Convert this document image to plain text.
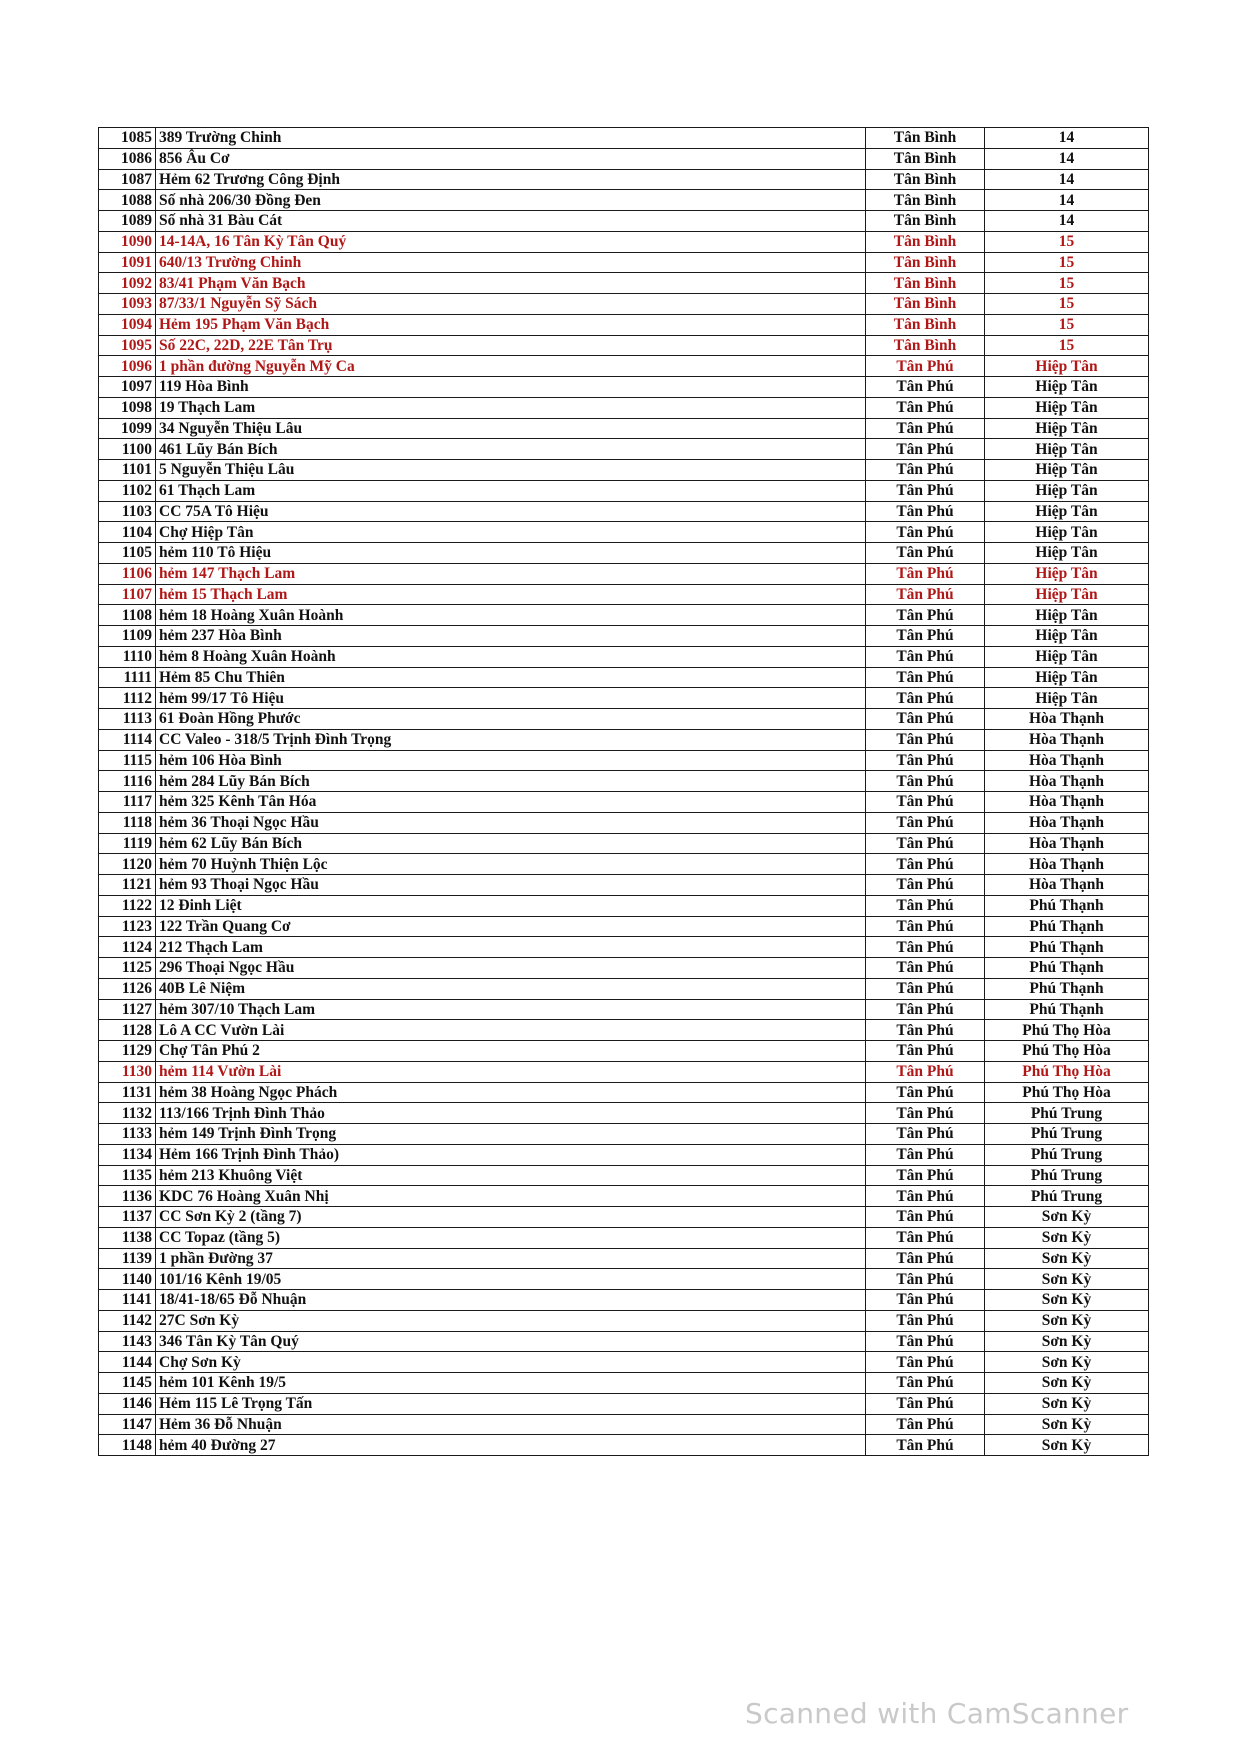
1085	389 Trường Chinh	Tân Bình	14
1086	856 Âu Cơ	Tân Bình	14
1087	Hẻm 62 Trương Công Định	Tân Bình	14
1088	Số nhà 206/30 Đồng Đen	Tân Bình	14
1089	Số nhà 31 Bàu Cát	Tân Bình	14
1090	14-14A, 16 Tân Kỳ Tân Quý	Tân Bình	15
1091	640/13 Trường Chinh	Tân Bình	15
1092	83/41 Phạm Văn Bạch	Tân Bình	15
1093	87/33/1 Nguyễn Sỹ Sách	Tân Bình	15
1094	Hẻm 195 Phạm Văn Bạch	Tân Bình	15
1095	Số 22C, 22D, 22E Tân Trụ	Tân Bình	15
1096	1 phần đường Nguyễn Mỹ Ca	Tân Phú	Hiệp Tân
1097	119 Hòa Bình	Tân Phú	Hiệp Tân
1098	19 Thạch Lam	Tân Phú	Hiệp Tân
1099	34 Nguyễn Thiệu Lâu	Tân Phú	Hiệp Tân
1100	461 Lũy Bán Bích	Tân Phú	Hiệp Tân
1101	5 Nguyễn Thiệu Lâu	Tân Phú	Hiệp Tân
1102	61 Thạch Lam	Tân Phú	Hiệp Tân
1103	CC 75A Tô Hiệu	Tân Phú	Hiệp Tân
1104	Chợ Hiệp Tân	Tân Phú	Hiệp Tân
1105	hẻm 110 Tô Hiệu	Tân Phú	Hiệp Tân
1106	hẻm 147 Thạch Lam	Tân Phú	Hiệp Tân
1107	hẻm 15 Thạch Lam	Tân Phú	Hiệp Tân
1108	hẻm 18 Hoàng Xuân Hoành	Tân Phú	Hiệp Tân
1109	hẻm 237 Hòa Bình	Tân Phú	Hiệp Tân
1110	hẻm 8 Hoàng Xuân Hoành	Tân Phú	Hiệp Tân
1111	Hẻm 85 Chu Thiên	Tân Phú	Hiệp Tân
1112	hẻm 99/17 Tô Hiệu	Tân Phú	Hiệp Tân
1113	61 Đoàn Hồng Phước	Tân Phú	Hòa Thạnh
1114	CC Valeo - 318/5 Trịnh Đình Trọng	Tân Phú	Hòa Thạnh
1115	hẻm 106 Hòa Bình	Tân Phú	Hòa Thạnh
1116	hẻm 284 Lũy Bán Bích	Tân Phú	Hòa Thạnh
1117	hẻm 325 Kênh Tân Hóa	Tân Phú	Hòa Thạnh
1118	hẻm 36 Thoại Ngọc Hầu	Tân Phú	Hòa Thạnh
1119	hẻm 62 Lũy Bán Bích	Tân Phú	Hòa Thạnh
1120	hẻm 70 Huỳnh Thiện Lộc	Tân Phú	Hòa Thạnh
1121	hẻm 93 Thoại Ngọc Hầu	Tân Phú	Hòa Thạnh
1122	12 Đinh Liệt	Tân Phú	Phú Thạnh
1123	122 Trần Quang Cơ	Tân Phú	Phú Thạnh
1124	212 Thạch Lam	Tân Phú	Phú Thạnh
1125	296 Thoại Ngọc Hầu	Tân Phú	Phú Thạnh
1126	40B Lê Niệm	Tân Phú	Phú Thạnh
1127	hẻm 307/10 Thạch Lam	Tân Phú	Phú Thạnh
1128	Lô A CC Vườn Lài	Tân Phú	Phú Thọ Hòa
1129	Chợ Tân Phú 2	Tân Phú	Phú Thọ Hòa
1130	hẻm 114 Vườn Lài	Tân Phú	Phú Thọ Hòa
1131	hẻm 38 Hoàng Ngọc Phách	Tân Phú	Phú Thọ Hòa
1132	113/166 Trịnh Đình Thảo	Tân Phú	Phú Trung
1133	hẻm 149 Trịnh Đình Trọng	Tân Phú	Phú Trung
1134	Hẻm 166 Trịnh Đình Thảo)	Tân Phú	Phú Trung
1135	hẻm 213 Khuông Việt	Tân Phú	Phú Trung
1136	KDC 76 Hoàng Xuân Nhị	Tân Phú	Phú Trung
1137	CC Sơn Kỳ 2 (tầng 7)	Tân Phú	Sơn Kỳ
1138	CC Topaz (tầng 5)	Tân Phú	Sơn Kỳ
1139	1 phần Đường 37	Tân Phú	Sơn Kỳ
1140	101/16 Kênh 19/05	Tân Phú	Sơn Kỳ
1141	18/41-18/65 Đỗ Nhuận	Tân Phú	Sơn Kỳ
1142	27C Sơn Kỳ	Tân Phú	Sơn Kỳ
1143	346 Tân Kỳ Tân Quý	Tân Phú	Sơn Kỳ
1144	Chợ Sơn Kỳ	Tân Phú	Sơn Kỳ
1145	hẻm 101 Kênh 19/5	Tân Phú	Sơn Kỳ
1146	Hẻm 115 Lê Trọng Tấn	Tân Phú	Sơn Kỳ
1147	Hẻm 36 Đỗ Nhuận	Tân Phú	Sơn Kỳ
1148	hẻm 40 Đường 27	Tân Phú	Sơn Kỳ
Scanned with CamScanner
